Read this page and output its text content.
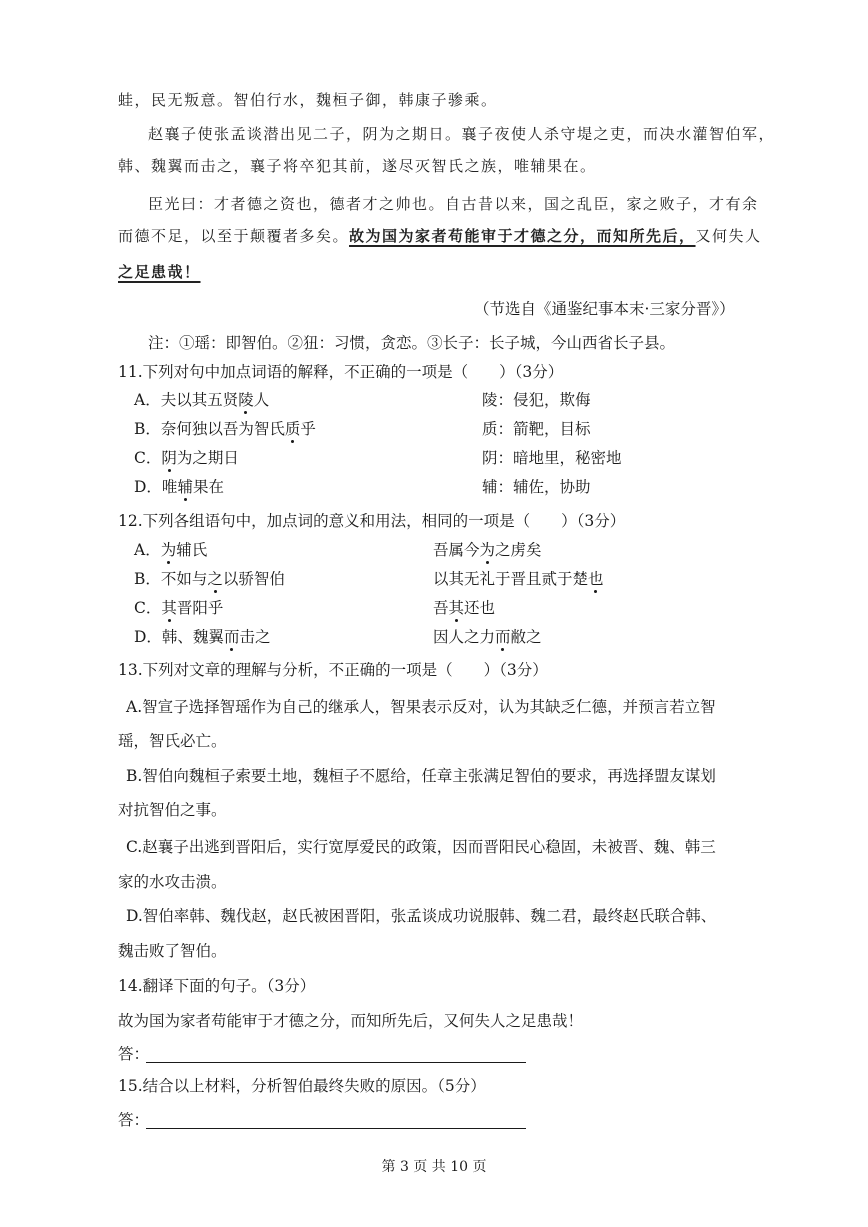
蛙，民无叛意。智伯行水，魏桓子御，韩康子骖乘。
赵襄子使张孟谈潜出见二子，阴为之期日。襄子夜使人杀守堤之吏，而决水灌智伯军，
韩、魏翼而击之，襄子将卒犯其前，遂尽灭智氏之族，唯辅果在。
臣光曰：才者德之资也，德者才之帅也。自古昔以来，国之乱臣，家之败子，才有余
而德不足，以至于颠覆者多矣。故为国为家者苟能审于才德之分，而知所先后，又何失人
之足患哉！
（节选自《通鉴纪事本末·三家分晋》）
注：①瑶：即智伯。②狃：习惯，贪恋。③长子：长子城，今山西省长子县。
11.下列对句中加点词语的解释，不正确的一项是（　　）（3分）
A．夫以其五贤陵人	陵：侵犯，欺侮
B．奈何独以吾为智氏质乎	质：箭靶，目标
C．阴为之期日	阴：暗地里，秘密地
D．唯辅果在	辅：辅佐，协助
12.下列各组语句中，加点词的意义和用法，相同的一项是（　　）（3分）
A．为辅氏	吾属今为之虏矣
B．不如与之以骄智伯	以其无礼于晋且贰于楚也
C．其晋阳乎	吾其还也
D．韩、魏翼而击之	因人之力而敝之
13.下列对文章的理解与分析，不正确的一项是（　　）（3分）
A.智宣子选择智瑶作为自己的继承人，智果表示反对，认为其缺乏仁德，并预言若立智
瑶，智氏必亡。
B.智伯向魏桓子索要土地，魏桓子不愿给，任章主张满足智伯的要求，再选择盟友谋划
对抗智伯之事。
C.赵襄子出逃到晋阳后，实行宽厚爱民的政策，因而晋阳民心稳固，未被晋、魏、韩三
家的水攻击溃。
D.智伯率韩、魏伐赵，赵氏被困晋阳，张孟谈成功说服韩、魏二君，最终赵氏联合韩、
魏击败了智伯。
14.翻译下面的句子。（3分）
故为国为家者苟能审于才德之分，而知所先后，又何失人之足患哉！
答：
15.结合以上材料，分析智伯最终失败的原因。（5分）
答：
第 3 页 共 10 页
